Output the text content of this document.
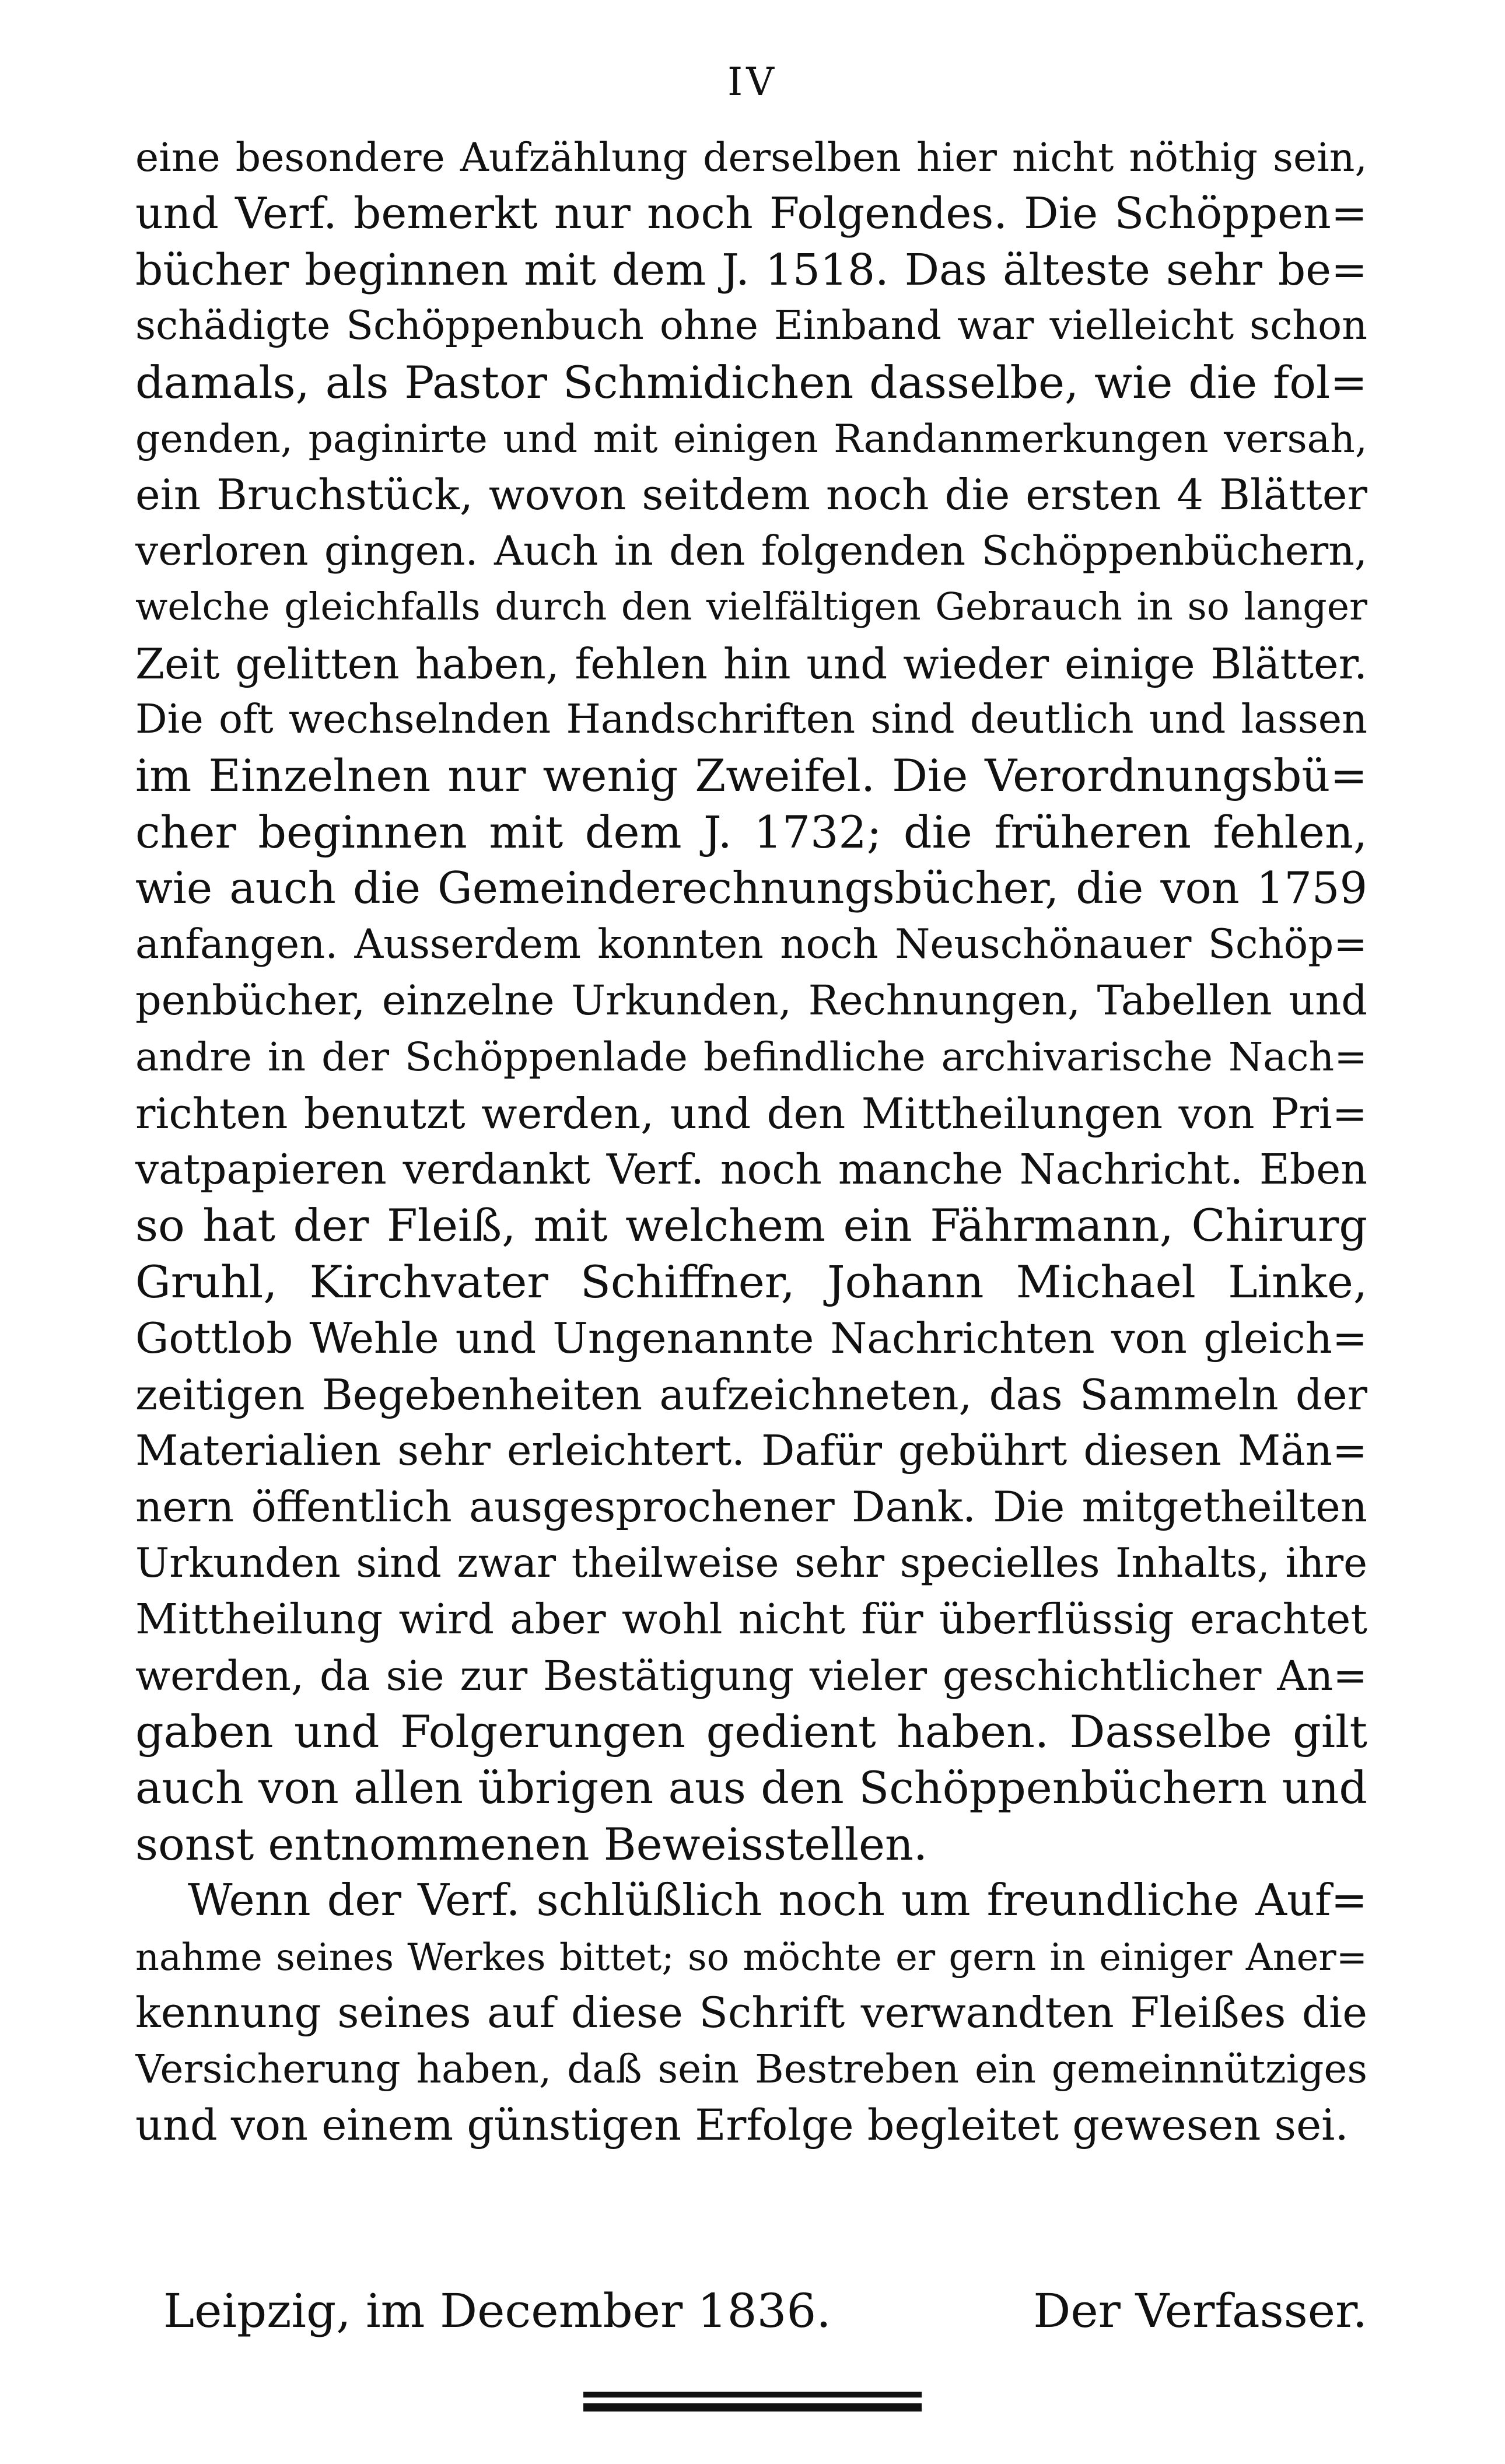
IV
eine besondere Aufzählung derselben hier nicht nöthig sein,
und Verf. bemerkt nur noch Folgendes. Die Schöppen=
bücher beginnen mit dem J. 1518. Das älteste sehr be=
schädigte Schöppenbuch ohne Einband war vielleicht schon
damals, als Pastor Schmidichen dasselbe, wie die fol=
genden, paginirte und mit einigen Randanmerkungen versah,
ein Bruchstück, wovon seitdem noch die ersten 4 Blätter
verloren gingen. Auch in den folgenden Schöppenbüchern,
welche gleichfalls durch den vielfältigen Gebrauch in so langer
Zeit gelitten haben, fehlen hin und wieder einige Blätter.
Die oft wechselnden Handschriften sind deutlich und lassen
im Einzelnen nur wenig Zweifel. Die Verordnungsbü=
cher beginnen mit dem J. 1732; die früheren fehlen,
wie auch die Gemeinderechnungsbücher, die von 1759
anfangen. Ausserdem konnten noch Neuschönauer Schöp=
penbücher, einzelne Urkunden, Rechnungen, Tabellen und
andre in der Schöppenlade befindliche archivarische Nach=
richten benutzt werden, und den Mittheilungen von Pri=
vatpapieren verdankt Verf. noch manche Nachricht. Eben
so hat der Fleiß, mit welchem ein Fährmann, Chirurg
Gruhl, Kirchvater Schiffner, Johann Michael Linke,
Gottlob Wehle und Ungenannte Nachrichten von gleich=
zeitigen Begebenheiten aufzeichneten, das Sammeln der
Materialien sehr erleichtert. Dafür gebührt diesen Män=
nern öffentlich ausgesprochener Dank. Die mitgetheilten
Urkunden sind zwar theilweise sehr specielles Inhalts, ihre
Mittheilung wird aber wohl nicht für überflüssig erachtet
werden, da sie zur Bestätigung vieler geschichtlicher An=
gaben und Folgerungen gedient haben. Dasselbe gilt
auch von allen übrigen aus den Schöppenbüchern und
sonst entnommenen Beweisstellen.
Wenn der Verf. schlüßlich noch um freundliche Auf=
nahme seines Werkes bittet; so möchte er gern in einiger Aner=
kennung seines auf diese Schrift verwandten Fleißes die
Versicherung haben, daß sein Bestreben ein gemeinnütziges
und von einem günstigen Erfolge begleitet gewesen sei.
Leipzig, im December 1836.	Der Verfasser.
